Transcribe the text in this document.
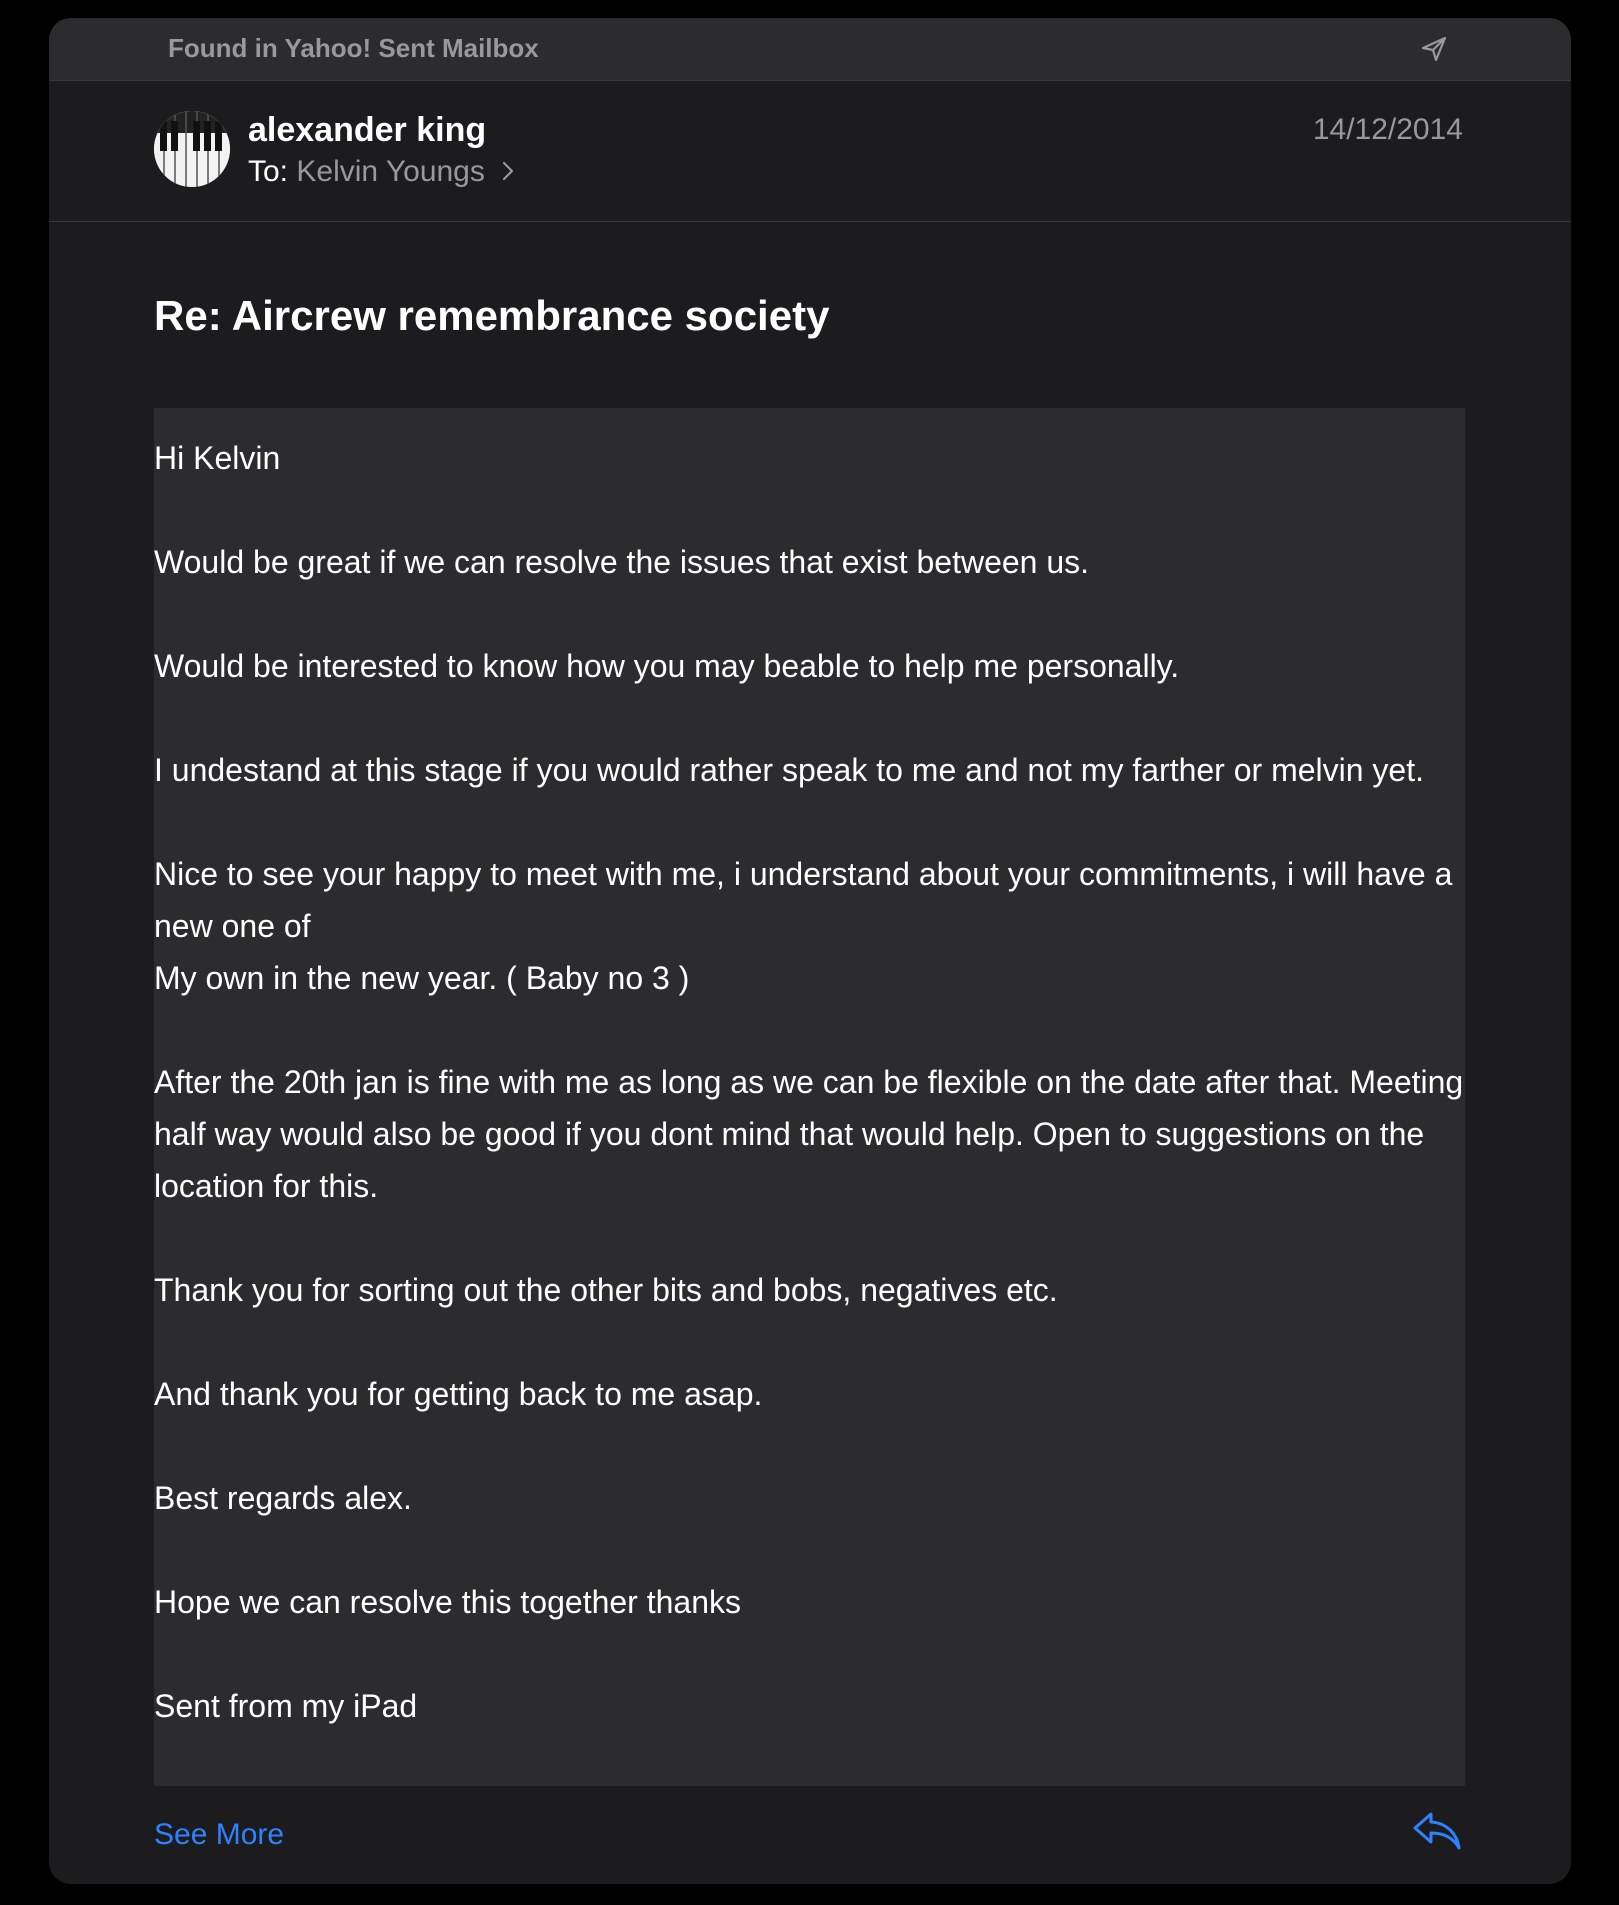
Found in Yahoo! Sent Mailbox
alexander king
To: Kelvin Youngs
14/12/2014
Re: Aircrew remembrance society

Hi Kelvin

Would be great if we can resolve the issues that exist between us.

Would be interested to know how you may beable to help me personally.

I undestand at this stage if you would rather speak to me and not my farther or melvin yet.

Nice to see your happy to meet with me, i understand about your commitments, i will have a new one of
My own in the new year. ( Baby no 3 )

After the 20th jan is fine with me as long as we can be flexible on the date after that. Meeting half way would also be good if you dont mind that would help. Open to suggestions on the location for this.

Thank you for sorting out the other bits and bobs, negatives etc.

And thank you for getting back to me asap.

Best regards alex.

Hope we can resolve this together thanks

Sent from my iPad

See More
